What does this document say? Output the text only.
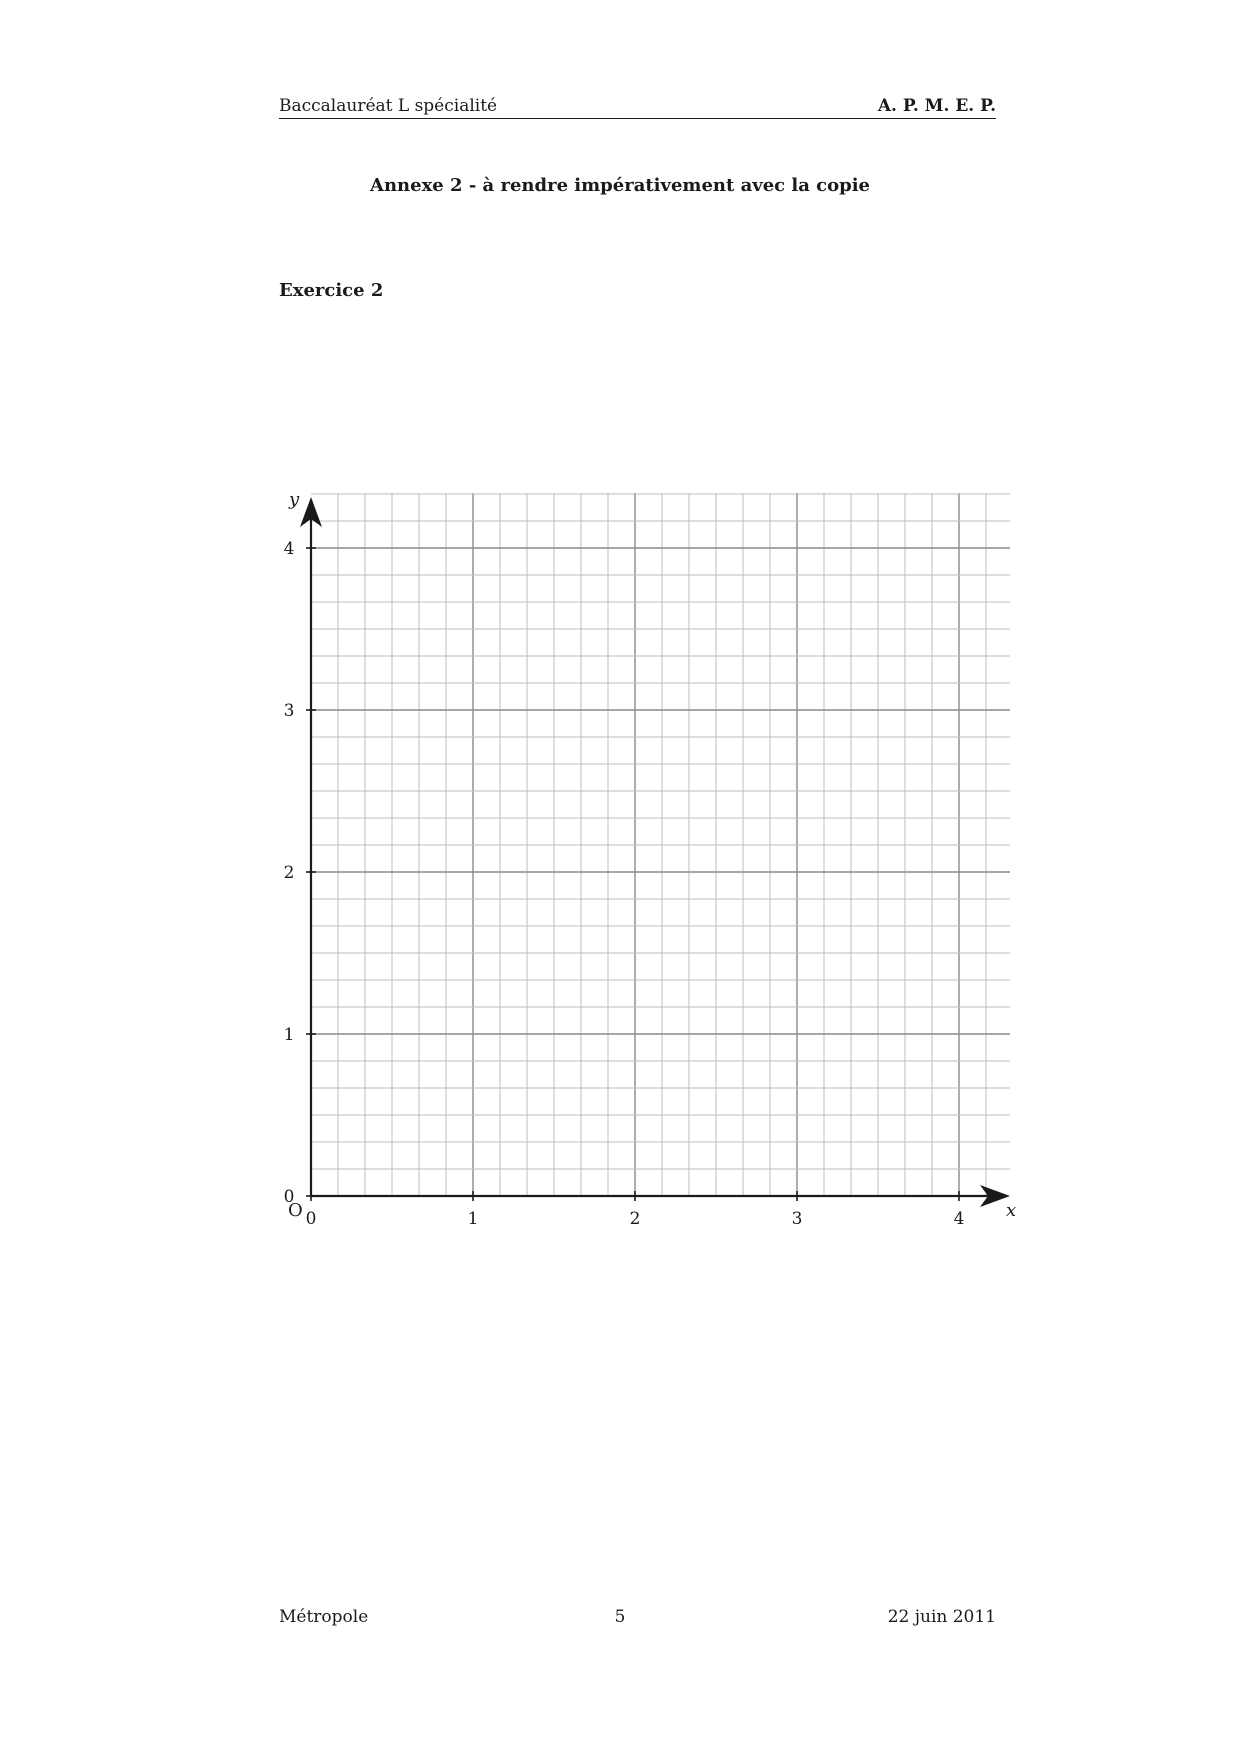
Baccalauréat L spécialité	A. P. M. E. P.
Annexe 2 - à rendre impérativement avec la copie
Exercice 2
0	1	2	3	4
0
1
2
3
4
x
y
O
Métropole	5	22 juin 2011
